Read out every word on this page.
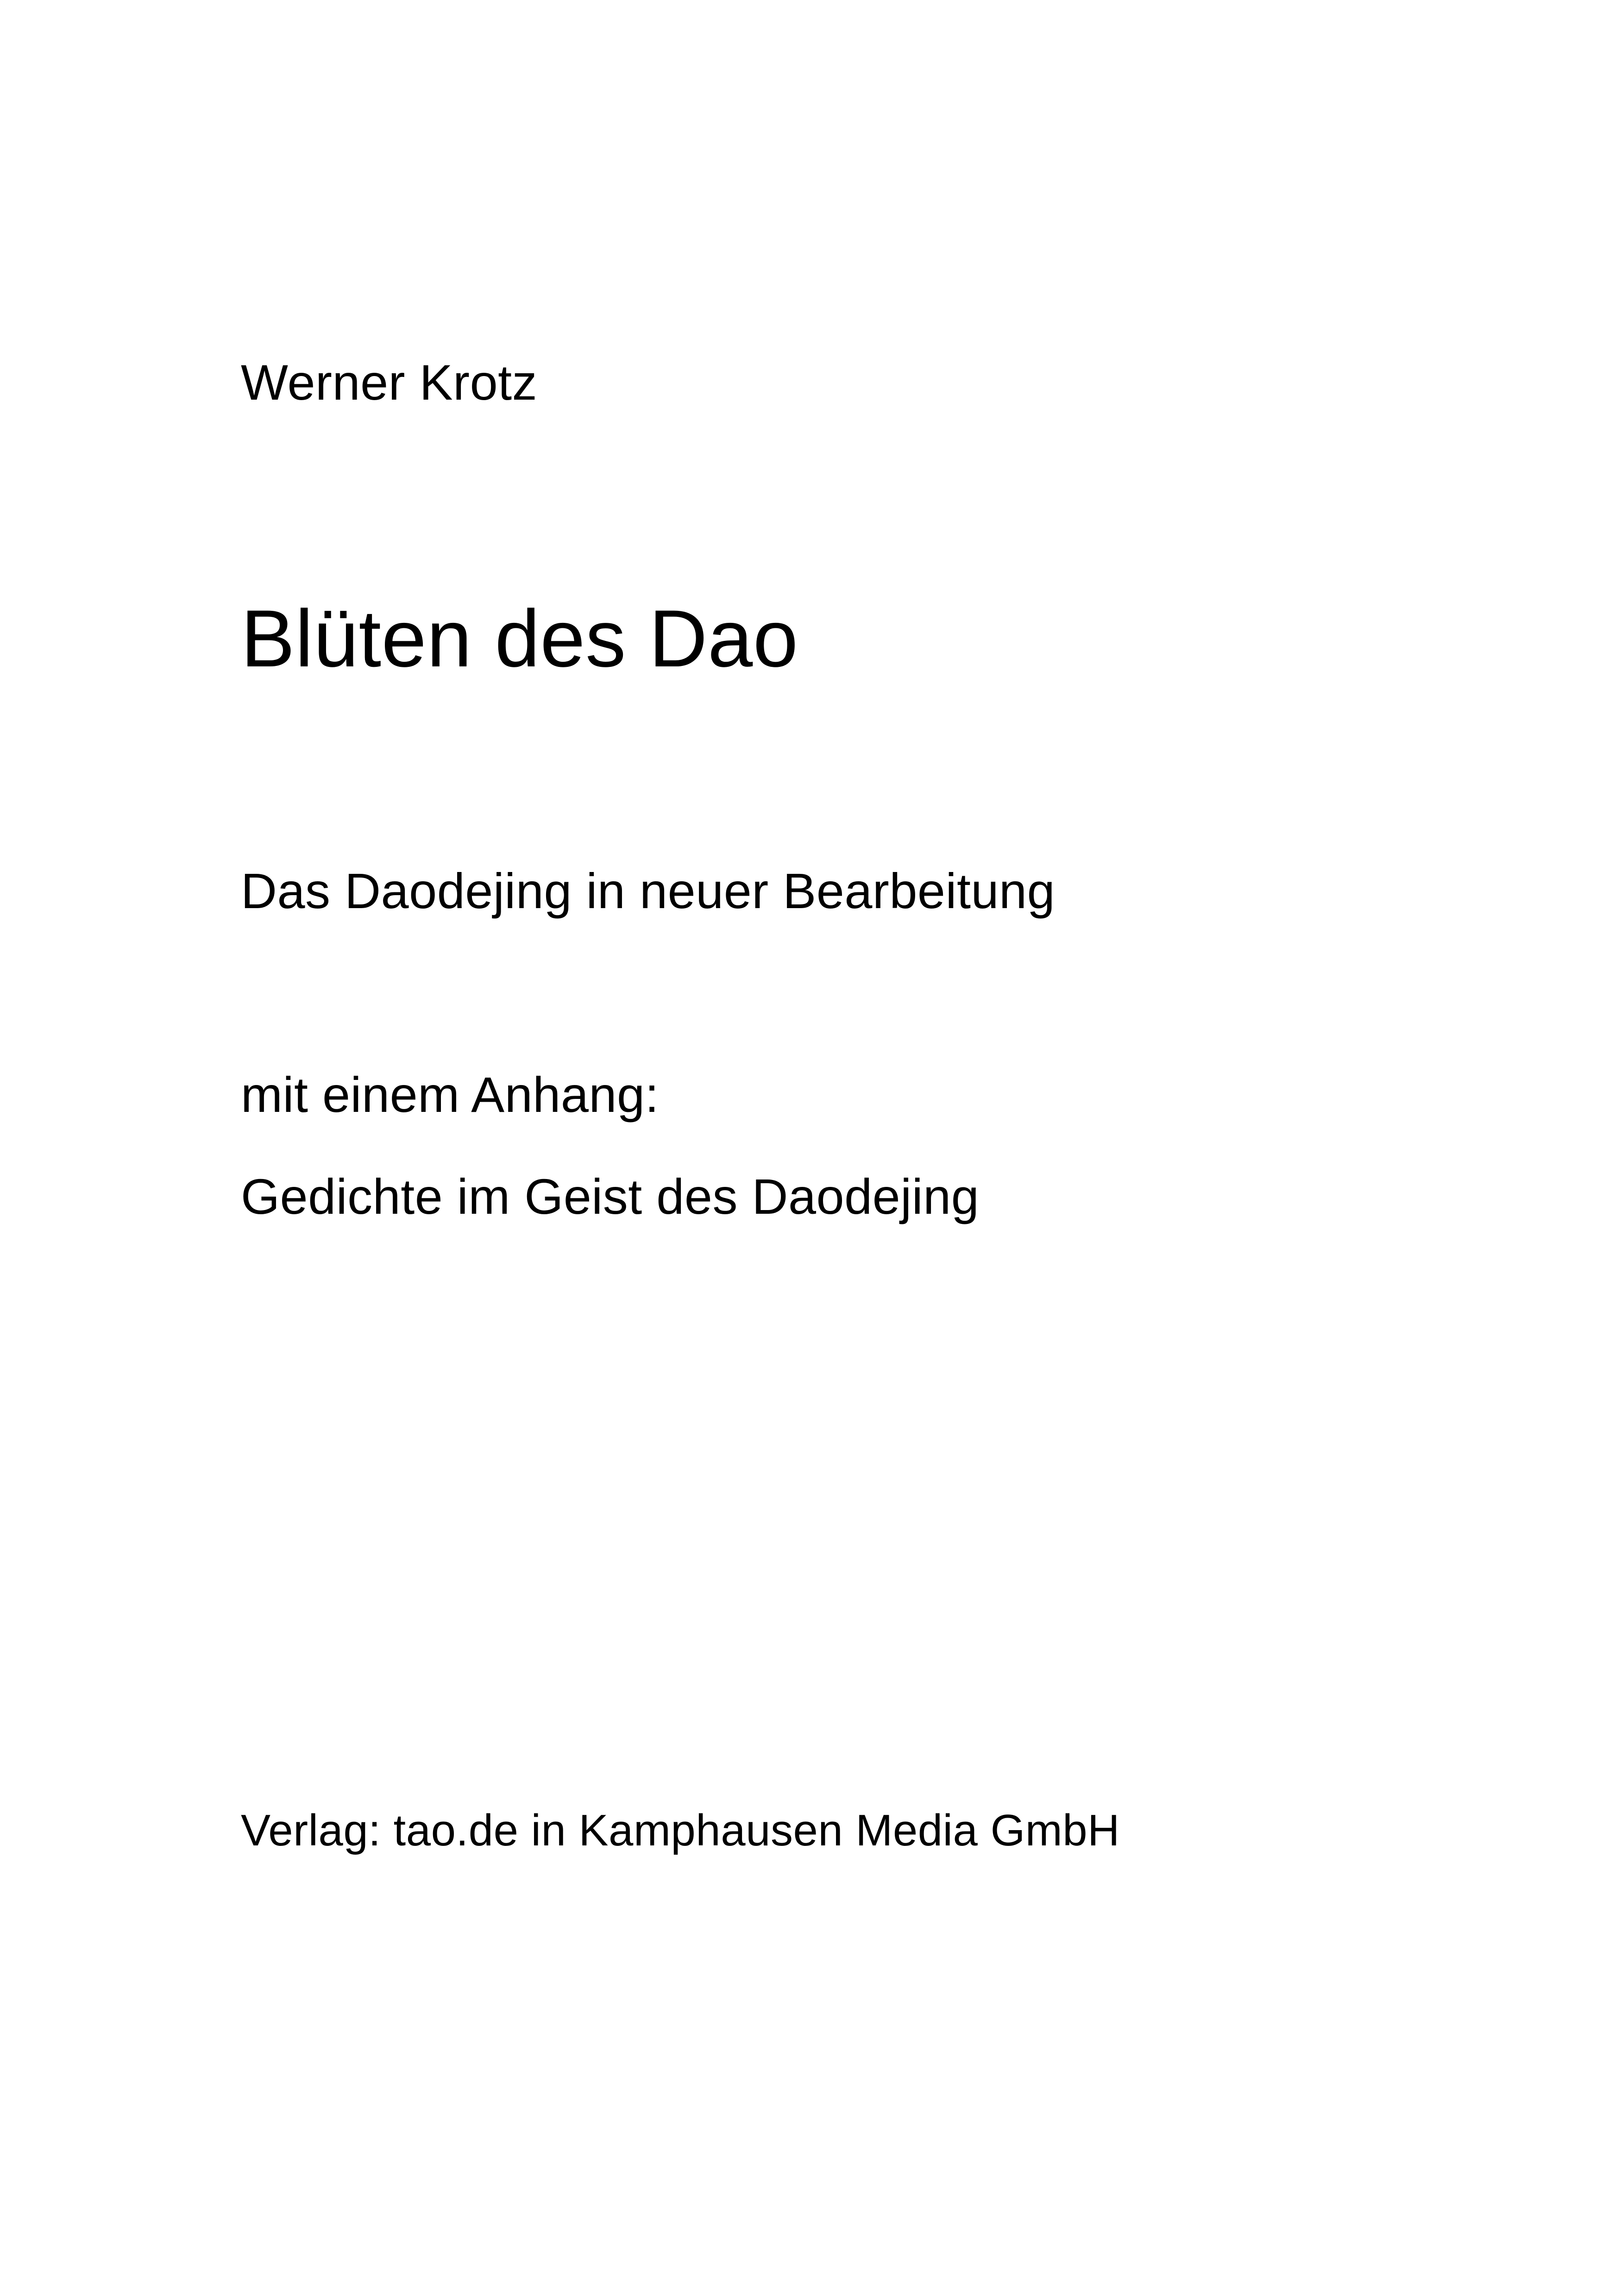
Werner Krotz
Blüten des Dao
Das Daodejing in neuer Bearbeitung
mit einem Anhang:
Gedichte im Geist des Daodejing
Verlag: tao.de in Kamphausen Media GmbH
